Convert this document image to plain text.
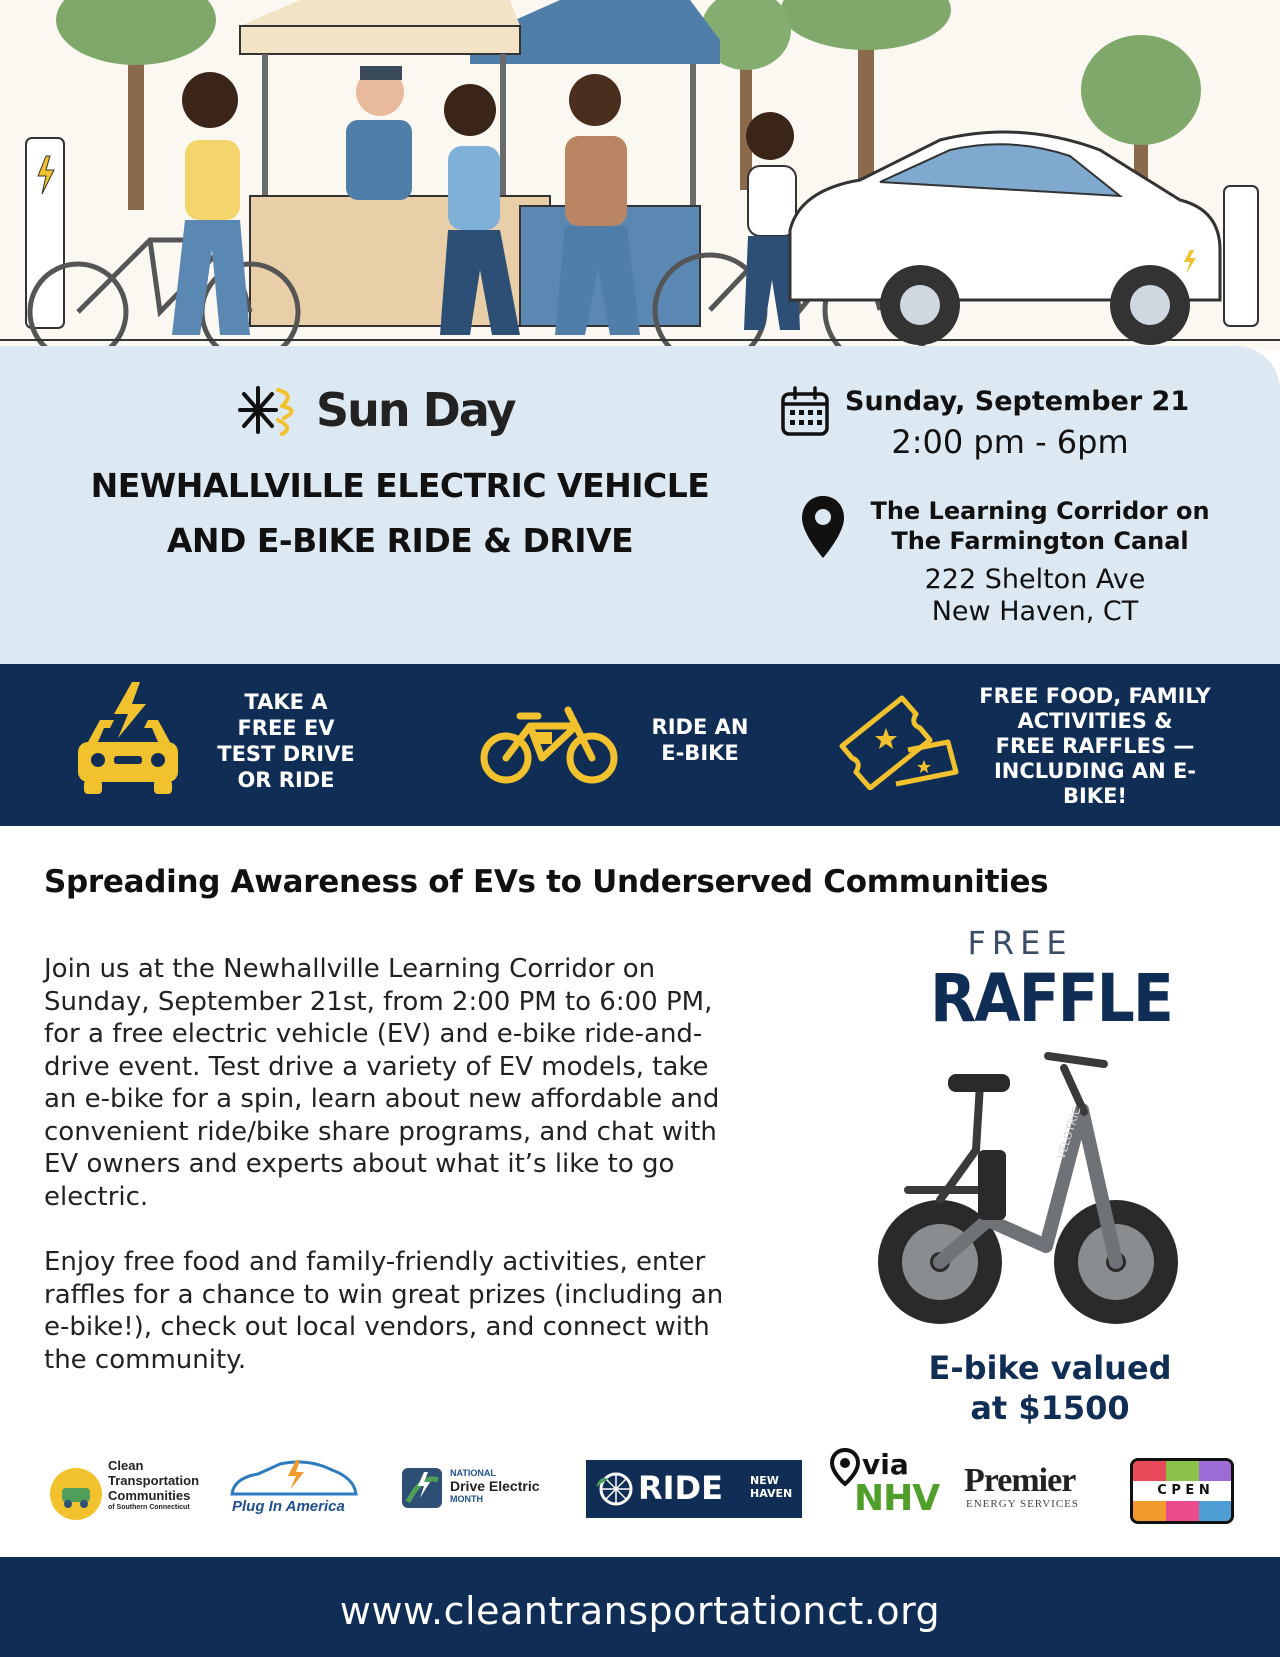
Sun Day
NEWHALLVILLE ELECTRIC VEHICLE
AND E-BIKE RIDE & DRIVE
Sunday, September 21
2:00 pm - 6pm
The Learning Corridor on
The Farmington Canal
222 Shelton Ave
New Haven, CT
TAKE A
FREE EV
TEST DRIVE
OR RIDE
RIDE AN
E-BIKE
FREE FOOD, FAMILY
ACTIVITIES &
FREE RAFFLES —
INCLUDING AN E-
BIKE!
Spreading Awareness of EVs to Underserved Communities
Join us at the Newhallville Learning Corridor on
Sunday, September 21st, from 2:00 PM to 6:00 PM,
for a free electric vehicle (EV) and e-bike ride-and-
drive event. Test drive a variety of EV models, take
an e-bike for a spin, learn about new affordable and
convenient ride/bike share programs, and chat with
EV owners and experts about what it’s like to go
electric.
Enjoy free food and family-friendly activities, enter
raffles for a chance to win great prizes (including an
e-bike!), check out local vendors, and connect with
the community.
FREE
RAFFLE
VELOTRIC
E-bike valued
at $1500
Clean
Transportation
Communities
of Southern Connecticut	Plug In America
NATIONAL
Drive Electric
MONTH	RIDE NEW
HAVEN
via
NHV Premier
ENERGY SERVICES
C P E N
www.cleantransportationct.org
